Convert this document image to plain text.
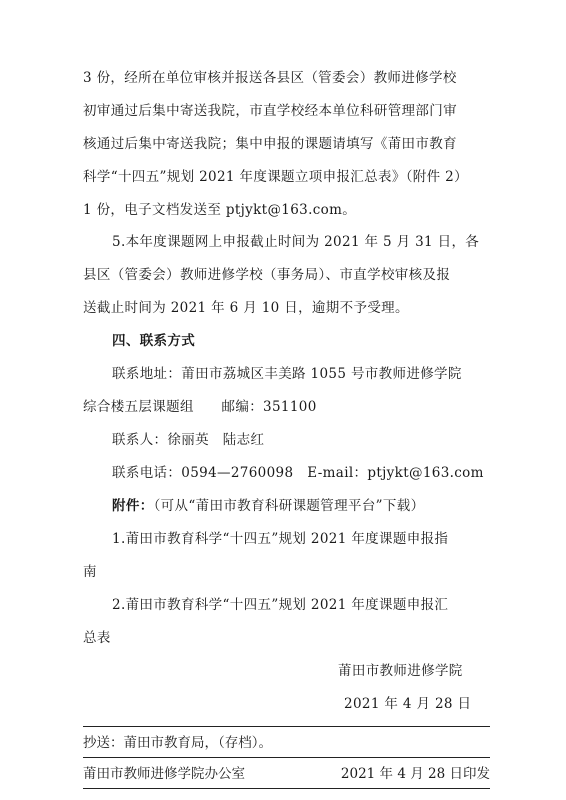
3 份，经所在单位审核并报送各县区（管委会）教师进修学校
初审通过后集中寄送我院，市直学校经本单位科研管理部门审
核通过后集中寄送我院；集中申报的课题请填写《莆田市教育
科学“十四五”规划 2021 年度课题立项申报汇总表》（附件 2）
1 份，电子文档发送至 ptjykt@163.com。
5.本年度课题网上申报截止时间为 2021 年 5 月 31 日，各
县区（管委会）教师进修学校（事务局）、市直学校审核及报
送截止时间为 2021 年 6 月 10 日，逾期不予受理。
四、联系方式
联系地址：莆田市荔城区丰美路 1055 号市教师进修学院
综合楼五层课题组　　邮编：351100
联系人：徐丽英　陆志红
联系电话：0594—2760098　E-mail：ptjykt@163.com
附件：（可从“莆田市教育科研课题管理平台”下载）
1.莆田市教育科学“十四五”规划 2021 年度课题申报指
南
2.莆田市教育科学“十四五”规划 2021 年度课题申报汇
总表
莆田市教师进修学院
2021 年 4 月 28 日
抄送：莆田市教育局，（存档）。
莆田市教师进修学院办公室	2021 年 4 月 28 日印发
